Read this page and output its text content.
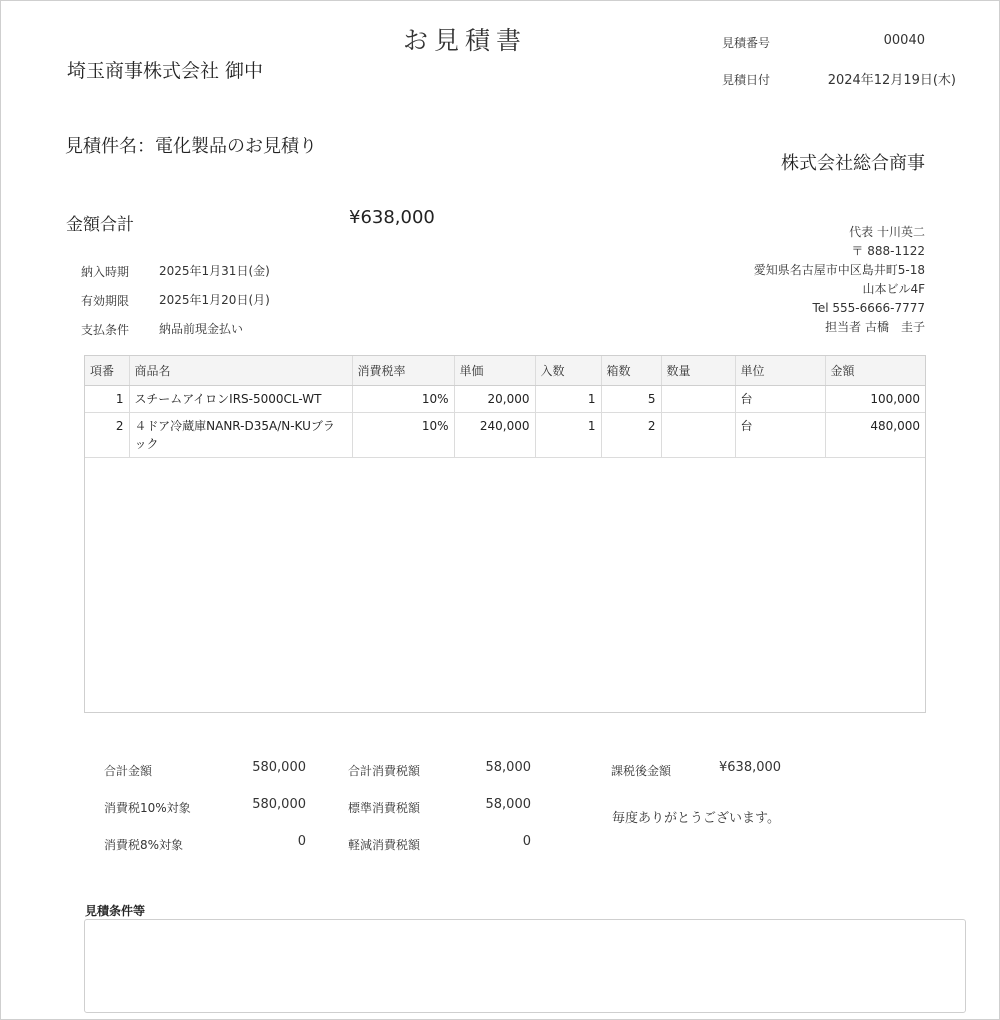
お見積書
埼玉商事株式会社 御中
見積番号	00040
見積日付	2024年12月19日(木)
見積件名：電化製品のお見積り
株式会社総合商事
金額合計	¥638,000
納入時期 2025年1月31日(金)
有効期限 2025年1月20日(月)
支払条件 納品前現金払い
代表 十川英二
〒 888-1122
愛知県名古屋市中区島井町5-18
山本ビル4F
Tel 555-6666-7777
担当者 古橋　圭子
項番	商品名	消費税率	単価	入数	箱数	数量	単位	金額
1	スチームアイロンIRS-5000CL-WT	10%	20,000	1	5		台	100,000
2	４ドア冷蔵庫NANR-D35A/N-KUブラック	10%	240,000	1	2		台	480,000
合計金額	580,000
消費税10%対象	580,000
消費税8%対象	0
合計消費税額	58,000
標準消費税額	58,000
軽減消費税額	0
課税後金額	¥638,000
毎度ありがとうございます。
見積条件等
